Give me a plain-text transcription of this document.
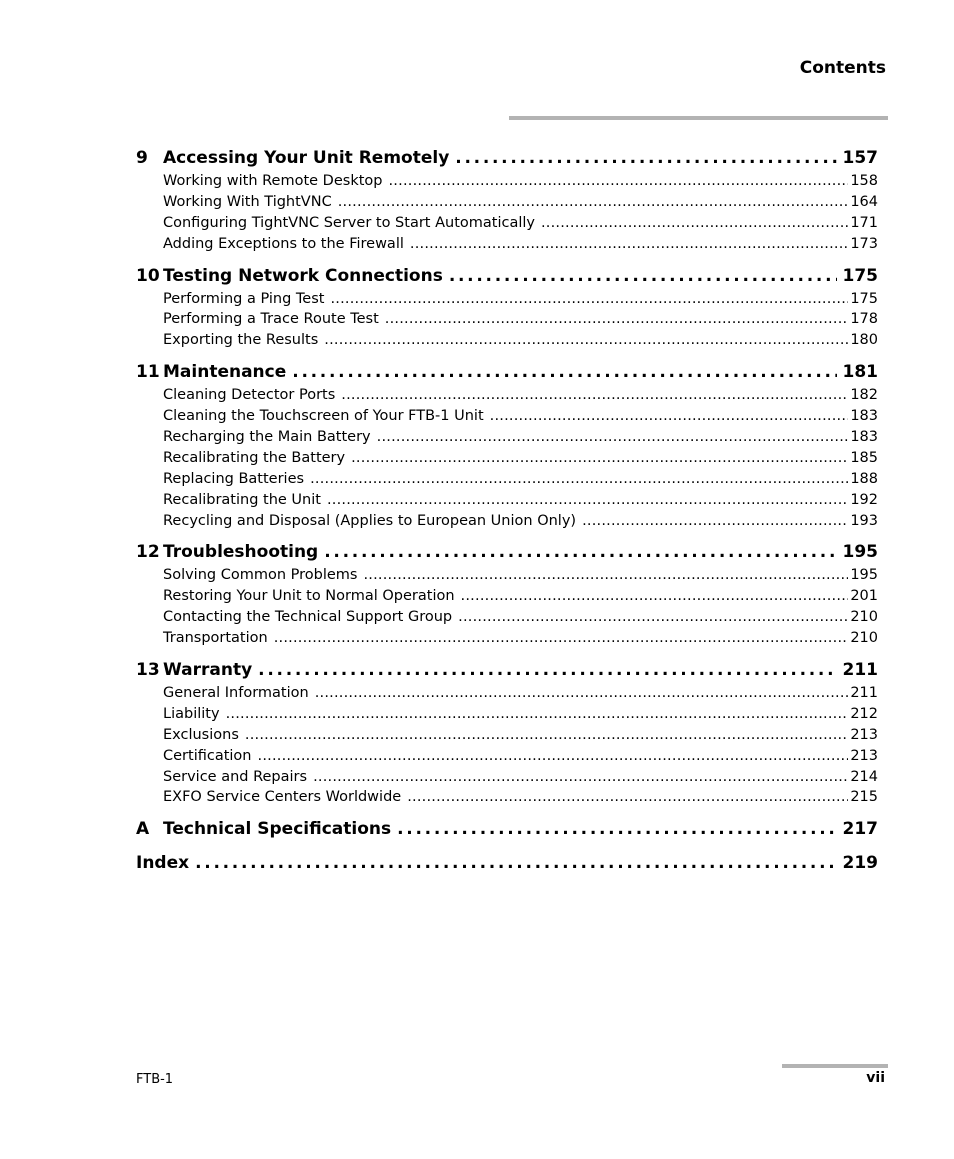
Contents
9 Accessing Your Unit Remotely . . .	157
Working with Remote Desktop . . .	158
Working With TightVNC . . .	164
Configuring TightVNC Server to Start Automatically . . .	171
Adding Exceptions to the Firewall . . .	173
10 Testing Network Connections . . .	175
Performing a Ping Test . . .	175
Performing a Trace Route Test . . .	178
Exporting the Results . . .	180
11 Maintenance . . .	181
Cleaning Detector Ports . . .	182
Cleaning the Touchscreen of Your FTB-1 Unit . . .	183
Recharging the Main Battery . . .	183
Recalibrating the Battery . . .	185
Replacing Batteries . . .	188
Recalibrating the Unit . . .	192
Recycling and Disposal (Applies to European Union Only) . . .	193
12 Troubleshooting . . .	195
Solving Common Problems . . .	195
Restoring Your Unit to Normal Operation . . .	201
Contacting the Technical Support Group . . .	210
Transportation . . .	210
13 Warranty . . .	211
General Information . . .	211
Liability . . .	212
Exclusions . . .	213
Certification . . .	213
Service and Repairs . . .	214
EXFO Service Centers Worldwide . . .	215
A Technical Specifications . . .	217
Index . . .	219
FTB-1	vii
